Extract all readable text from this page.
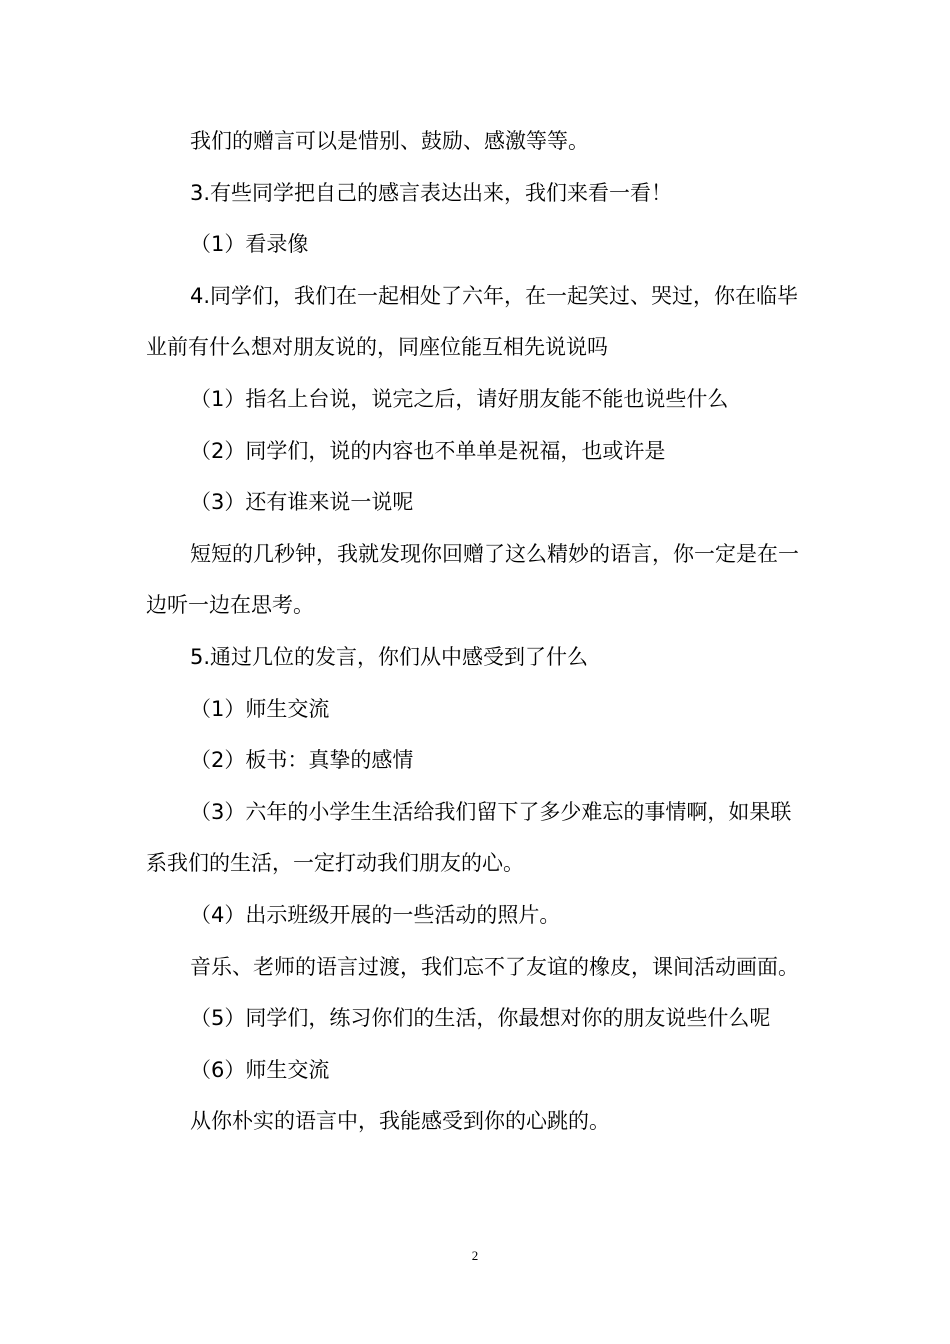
我们的赠言可以是惜别、鼓励、感激等等。

3.有些同学把自己的感言表达出来，我们来看一看！

（1）看录像

4.同学们，我们在一起相处了六年，在一起笑过、哭过，你在临毕业前有什么想对朋友说的，同座位能互相先说说吗

（1）指名上台说，说完之后，请好朋友能不能也说些什么

（2）同学们，说的内容也不单单是祝福，也或许是

（3）还有谁来说一说呢

短短的几秒钟，我就发现你回赠了这么精妙的语言，你一定是在一边听一边在思考。

5.通过几位的发言，你们从中感受到了什么

（1）师生交流

（2）板书：真挚的感情

（3）六年的小学生生活给我们留下了多少难忘的事情啊，如果联系我们的生活，一定打动我们朋友的心。

（4）出示班级开展的一些活动的照片。

音乐、老师的语言过渡，我们忘不了友谊的橡皮，课间活动画面。

（5）同学们，练习你们的生活，你最想对你的朋友说些什么呢

（6）师生交流

从你朴实的语言中，我能感受到你的心跳的。

2
